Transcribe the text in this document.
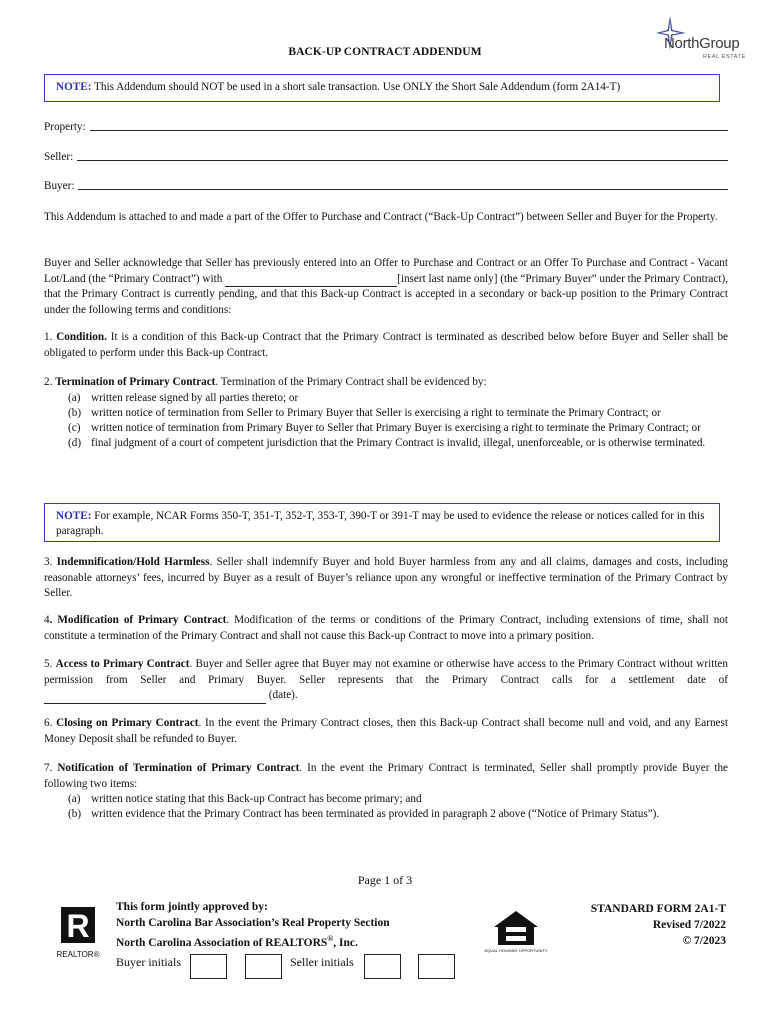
NorthGroup
REAL ESTATE
BACK-UP CONTRACT ADDENDUM
NOTE: This Addendum should NOT be used in a short sale transaction. Use ONLY the Short Sale Addendum (form 2A14-T)
Property:
Seller:
Buyer:
This Addendum is attached to and made a part of the Offer to Purchase and Contract (“Back-Up Contract”) between Seller and Buyer for the Property.
Buyer and Seller acknowledge that Seller has previously entered into an Offer to Purchase and Contract or an Offer To Purchase and Contract - Vacant Lot/Land (the “Primary Contract”) with	[insert last name only] (the “Primary Buyer” under the Primary Contract), that the Primary Contract is currently pending, and that this Back-up Contract is accepted in a secondary or back-up position to the Primary Contract under the following terms and conditions:
1. Condition. It is a condition of this Back-up Contract that the Primary Contract is terminated as described below before Buyer and Seller shall be obligated to perform under this Back-up Contract.
2. Termination of Primary Contract. Termination of the Primary Contract shall be evidenced by:
(a) written release signed by all parties thereto; or
(b) written notice of termination from Seller to Primary Buyer that Seller is exercising a right to terminate the Primary Contract; or
(c) written notice of termination from Primary Buyer to Seller that Primary Buyer is exercising a right to terminate the Primary Contract; or
(d) final judgment of a court of competent jurisdiction that the Primary Contract is invalid, illegal, unenforceable, or is otherwise terminated.
NOTE: For example, NCAR Forms 350-T, 351-T, 352-T, 353-T, 390-T or 391-T may be used to evidence the release or notices called for in this paragraph.
3. Indemnification/Hold Harmless. Seller shall indemnify Buyer and hold Buyer harmless from any and all claims, damages and costs, including reasonable attorneys’ fees, incurred by Buyer as a result of Buyer’s reliance upon any wrongful or ineffective termination of the Primary Contract by Seller.
4. Modification of Primary Contract. Modification of the terms or conditions of the Primary Contract, including extensions of time, shall not constitute a termination of the Primary Contract and shall not cause this Back-up Contract to move into a primary position.
5. Access to Primary Contract. Buyer and Seller agree that Buyer may not examine or otherwise have access to the Primary Contract without written permission from Seller and Primary Buyer. Seller represents that the Primary Contract calls for a settlement date of  (date).
6. Closing on Primary Contract. In the event the Primary Contract closes, then this Back-up Contract shall become null and void, and any Earnest Money Deposit shall be refunded to Buyer.
7. Notification of Termination of Primary Contract. In the event the Primary Contract is terminated, Seller shall promptly provide Buyer the following two items:
(a) written notice stating that this Back-up Contract has become primary; and
(b) written evidence that the Primary Contract has been terminated as provided in paragraph 2 above (“Notice of Primary Status”).
Page 1 of 3
R
REALTOR®
This form jointly approved by:
North Carolina Bar Association’s Real Property Section
North Carolina Association of REALTORS®, Inc.
EQUAL HOUSING OPPORTUNITY
STANDARD FORM 2A1-T
Revised 7/2022
© 7/2023
Buyer initials	Seller initials
